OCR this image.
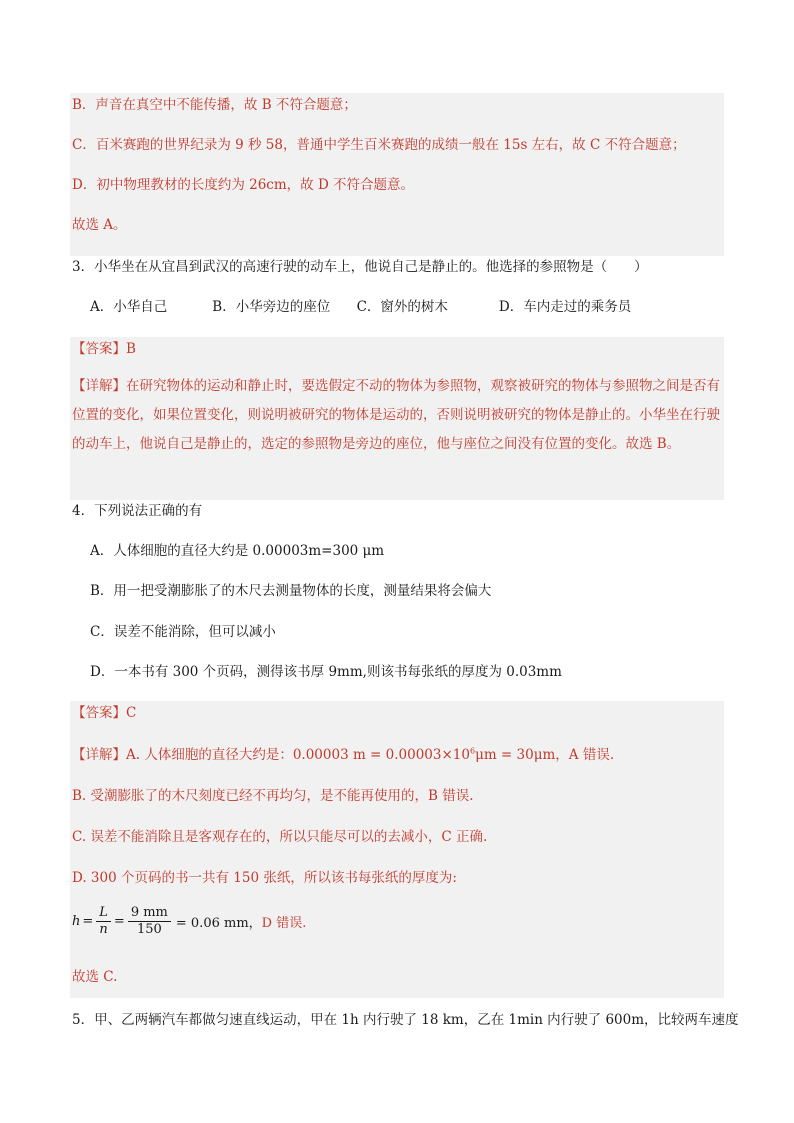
B．声音在真空中不能传播，故 B 不符合题意；
C．百米赛跑的世界纪录为 9 秒 58，普通中学生百米赛跑的成绩一般在 15s 左右，故 C 不符合题意；
D．初中物理教材的长度约为 26cm，故 D 不符合题意。
故选 A。
3．小华坐在从宜昌到武汉的高速行驶的动车上，他说自己是静止的。他选择的参照物是（　　）
A．小华自己	B．小华旁边的座位 C．窗外的树木	D．车内走过的乘务员
【答案】B
【详解】在研究物体的运动和静止时，要选假定不动的物体为参照物，观察被研究的物体与参照物之间是否有位置的变化，如果位置变化，则说明被研究的物体是运动的，否则说明被研究的物体是静止的。小华坐在行驶的动车上，他说自己是静止的，选定的参照物是旁边的座位，他与座位之间没有位置的变化。故选 B。
4．下列说法正确的有
A．人体细胞的直径大约是 0.00003m=300 μm
B．用一把受潮膨胀了的木尺去测量物体的长度，测量结果将会偏大
C．误差不能消除，但可以减小
D．一本书有 300 个页码，测得该书厚 9mm,则该书每张纸的厚度为 0.03mm
【答案】C
【详解】A. 人体细胞的直径大约是：0.00003 $m = 0.00003\times 10^6\mu m = 30\mu m$，A 错误.
B. 受潮膨胀了的木尺刻度已经不再均匀，是不能再使用的，B 错误.
C. 误差不能消除且是客观存在的，所以只能尽可以的去减小，C 正确.
D. 300 个页码的书一共有 150 张纸，所以该书每张纸的厚度为:
$h = \frac{L}{n} = \frac{9 mm}{150} = 0.06$ mm， D 错误.
故选 C.
5．甲、乙两辆汽车都做匀速直线运动，甲在 1h 内行驶了 18 km，乙在 1min 内行驶了 600m，比较两车速度
